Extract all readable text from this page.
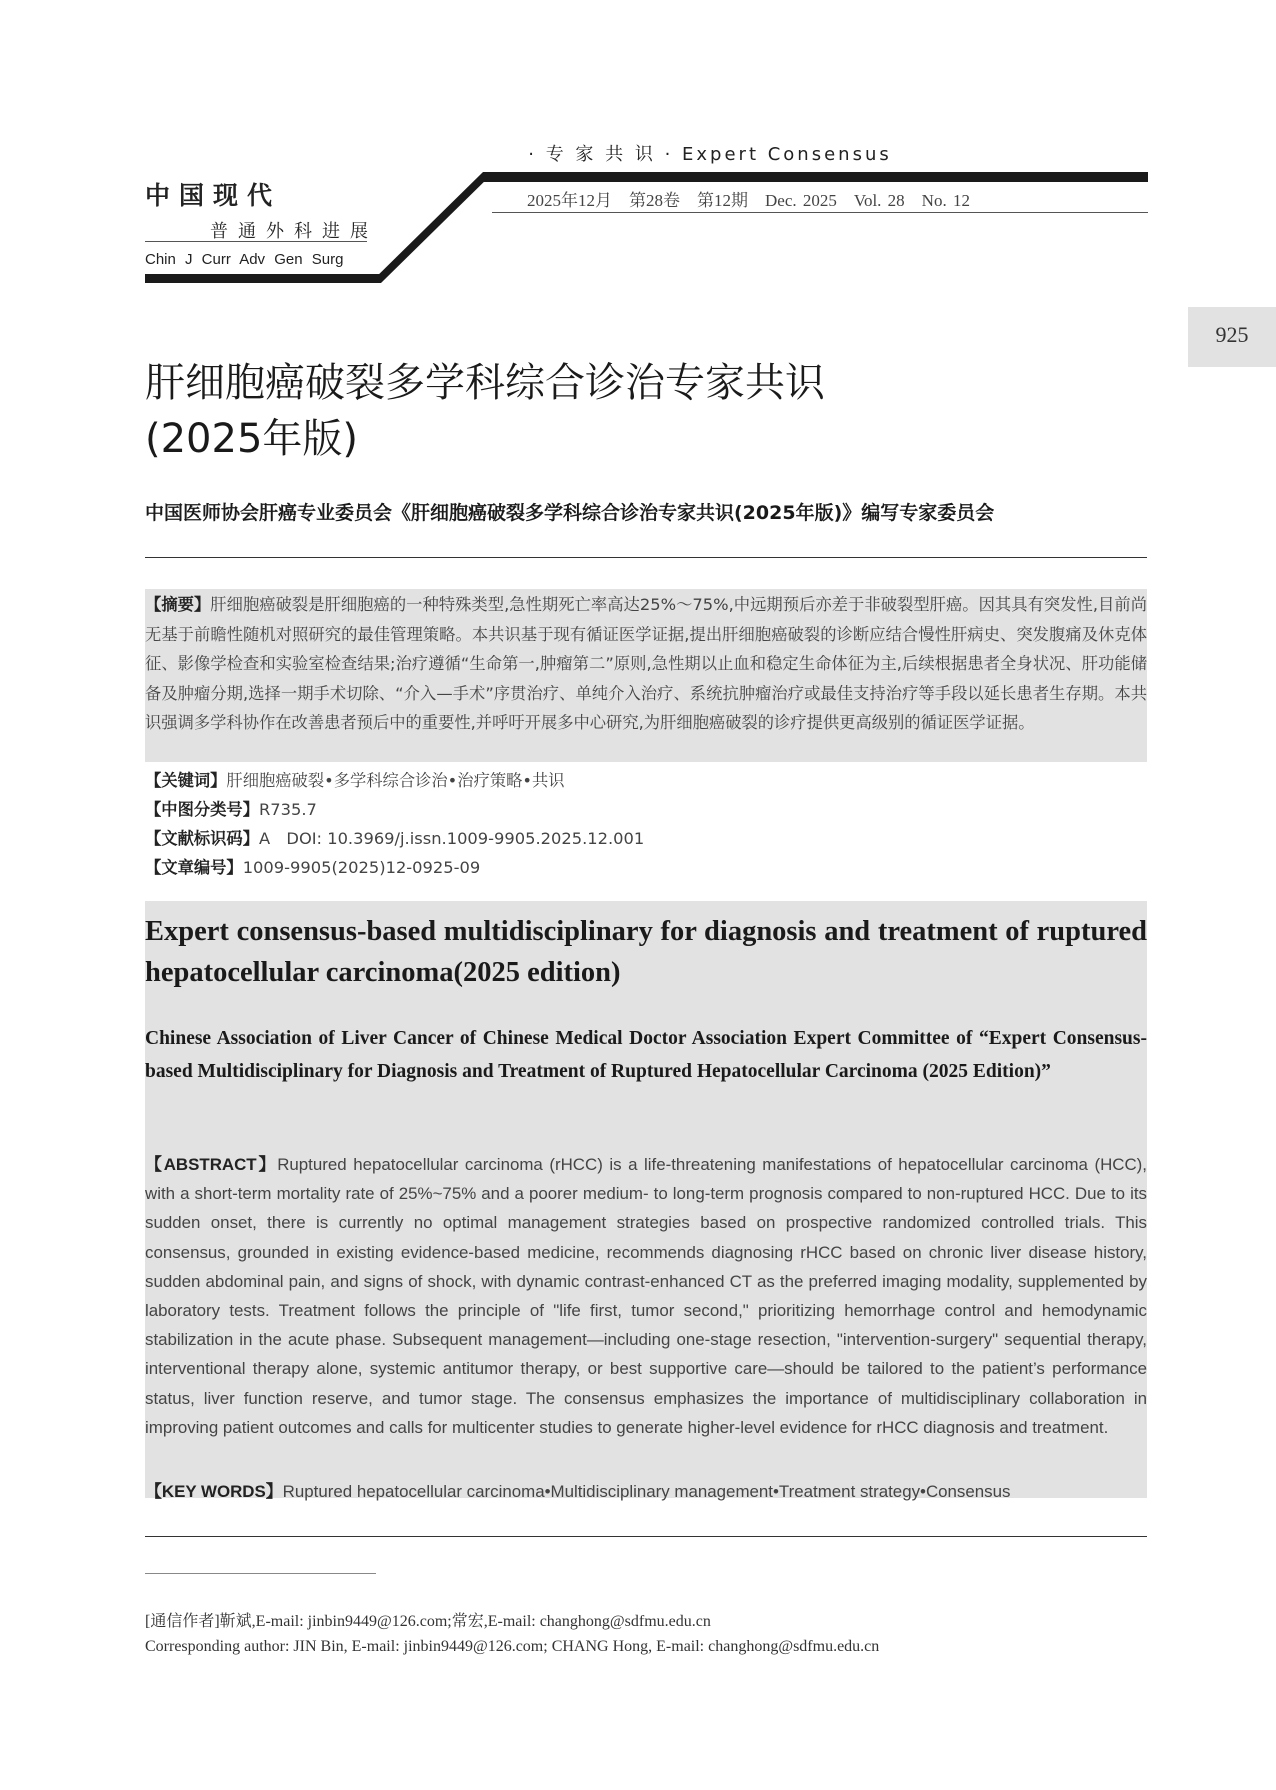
· 专 家 共 识 · Expert Consensus
中国现代
普通外科进展
Chin J Curr Adv Gen Surg
2025年12月　第28卷　第12期　Dec. 2025　Vol. 28　No. 12
925
肝细胞癌破裂多学科综合诊治专家共识
(2025年版)
中国医师协会肝癌专业委员会《肝细胞癌破裂多学科综合诊治专家共识(2025年版)》编写专家委员会
【摘要】肝细胞癌破裂是肝细胞癌的一种特殊类型,急性期死亡率高达25%～75%,中远期预后亦差于非破裂型肝癌。因其具有突发性,目前尚无基于前瞻性随机对照研究的最佳管理策略。本共识基于现有循证医学证据,提出肝细胞癌破裂的诊断应结合慢性肝病史、突发腹痛及休克体征、影像学检查和实验室检查结果;治疗遵循“生命第一,肿瘤第二”原则,急性期以止血和稳定生命体征为主,后续根据患者全身状况、肝功能储备及肿瘤分期,选择一期手术切除、“介入—手术”序贯治疗、单纯介入治疗、系统抗肿瘤治疗或最佳支持治疗等手段以延长患者生存期。本共识强调多学科协作在改善患者预后中的重要性,并呼吁开展多中心研究,为肝细胞癌破裂的诊疗提供更高级别的循证医学证据。
【关键词】肝细胞癌破裂•多学科综合诊治•治疗策略•共识
【中图分类号】R735.7
【文献标识码】A　DOI: 10.3969/j.issn.1009-9905.2025.12.001
【文章编号】1009-9905(2025)12-0925-09
Expert consensus-based multidisciplinary for diagnosis and treatment of ruptured hepatocellular carcinoma(2025 edition)
Chinese Association of Liver Cancer of Chinese Medical Doctor Association Expert Committee of “Expert Consensus-based Multidisciplinary for Diagnosis and Treatment of Ruptured Hepatocellular Carcinoma (2025 Edition)”
【ABSTRACT】Ruptured hepatocellular carcinoma (rHCC) is a life-threatening manifestations of hepatocellular carcinoma (HCC), with a short-term mortality rate of 25%~75% and a poorer medium- to long-term prognosis compared to non-ruptured HCC. Due to its sudden onset, there is currently no optimal management strategies based on prospective randomized controlled trials. This consensus, grounded in existing evidence-based medicine, recommends diagnosing rHCC based on chronic liver disease history, sudden abdominal pain, and signs of shock, with dynamic contrast-enhanced CT as the preferred imaging modality, supplemented by laboratory tests. Treatment follows the principle of "life first, tumor second," prioritizing hemorrhage control and hemodynamic stabilization in the acute phase. Subsequent management—including one-stage resection, "intervention-surgery" sequential therapy, interventional therapy alone, systemic antitumor therapy, or best supportive care—should be tailored to the patient’s performance status, liver function reserve, and tumor stage. The consensus emphasizes the importance of multidisciplinary collaboration in improving patient outcomes and calls for multicenter studies to generate higher-level evidence for rHCC diagnosis and treatment.
【KEY WORDS】Ruptured hepatocellular carcinoma•Multidisciplinary management•Treatment strategy•Consensus
[通信作者]靳斌,E-mail: jinbin9449@126.com;常宏,E-mail: changhong@sdfmu.edu.cn
Corresponding author: JIN Bin, E-mail: jinbin9449@126.com; CHANG Hong, E-mail: changhong@sdfmu.edu.cn
